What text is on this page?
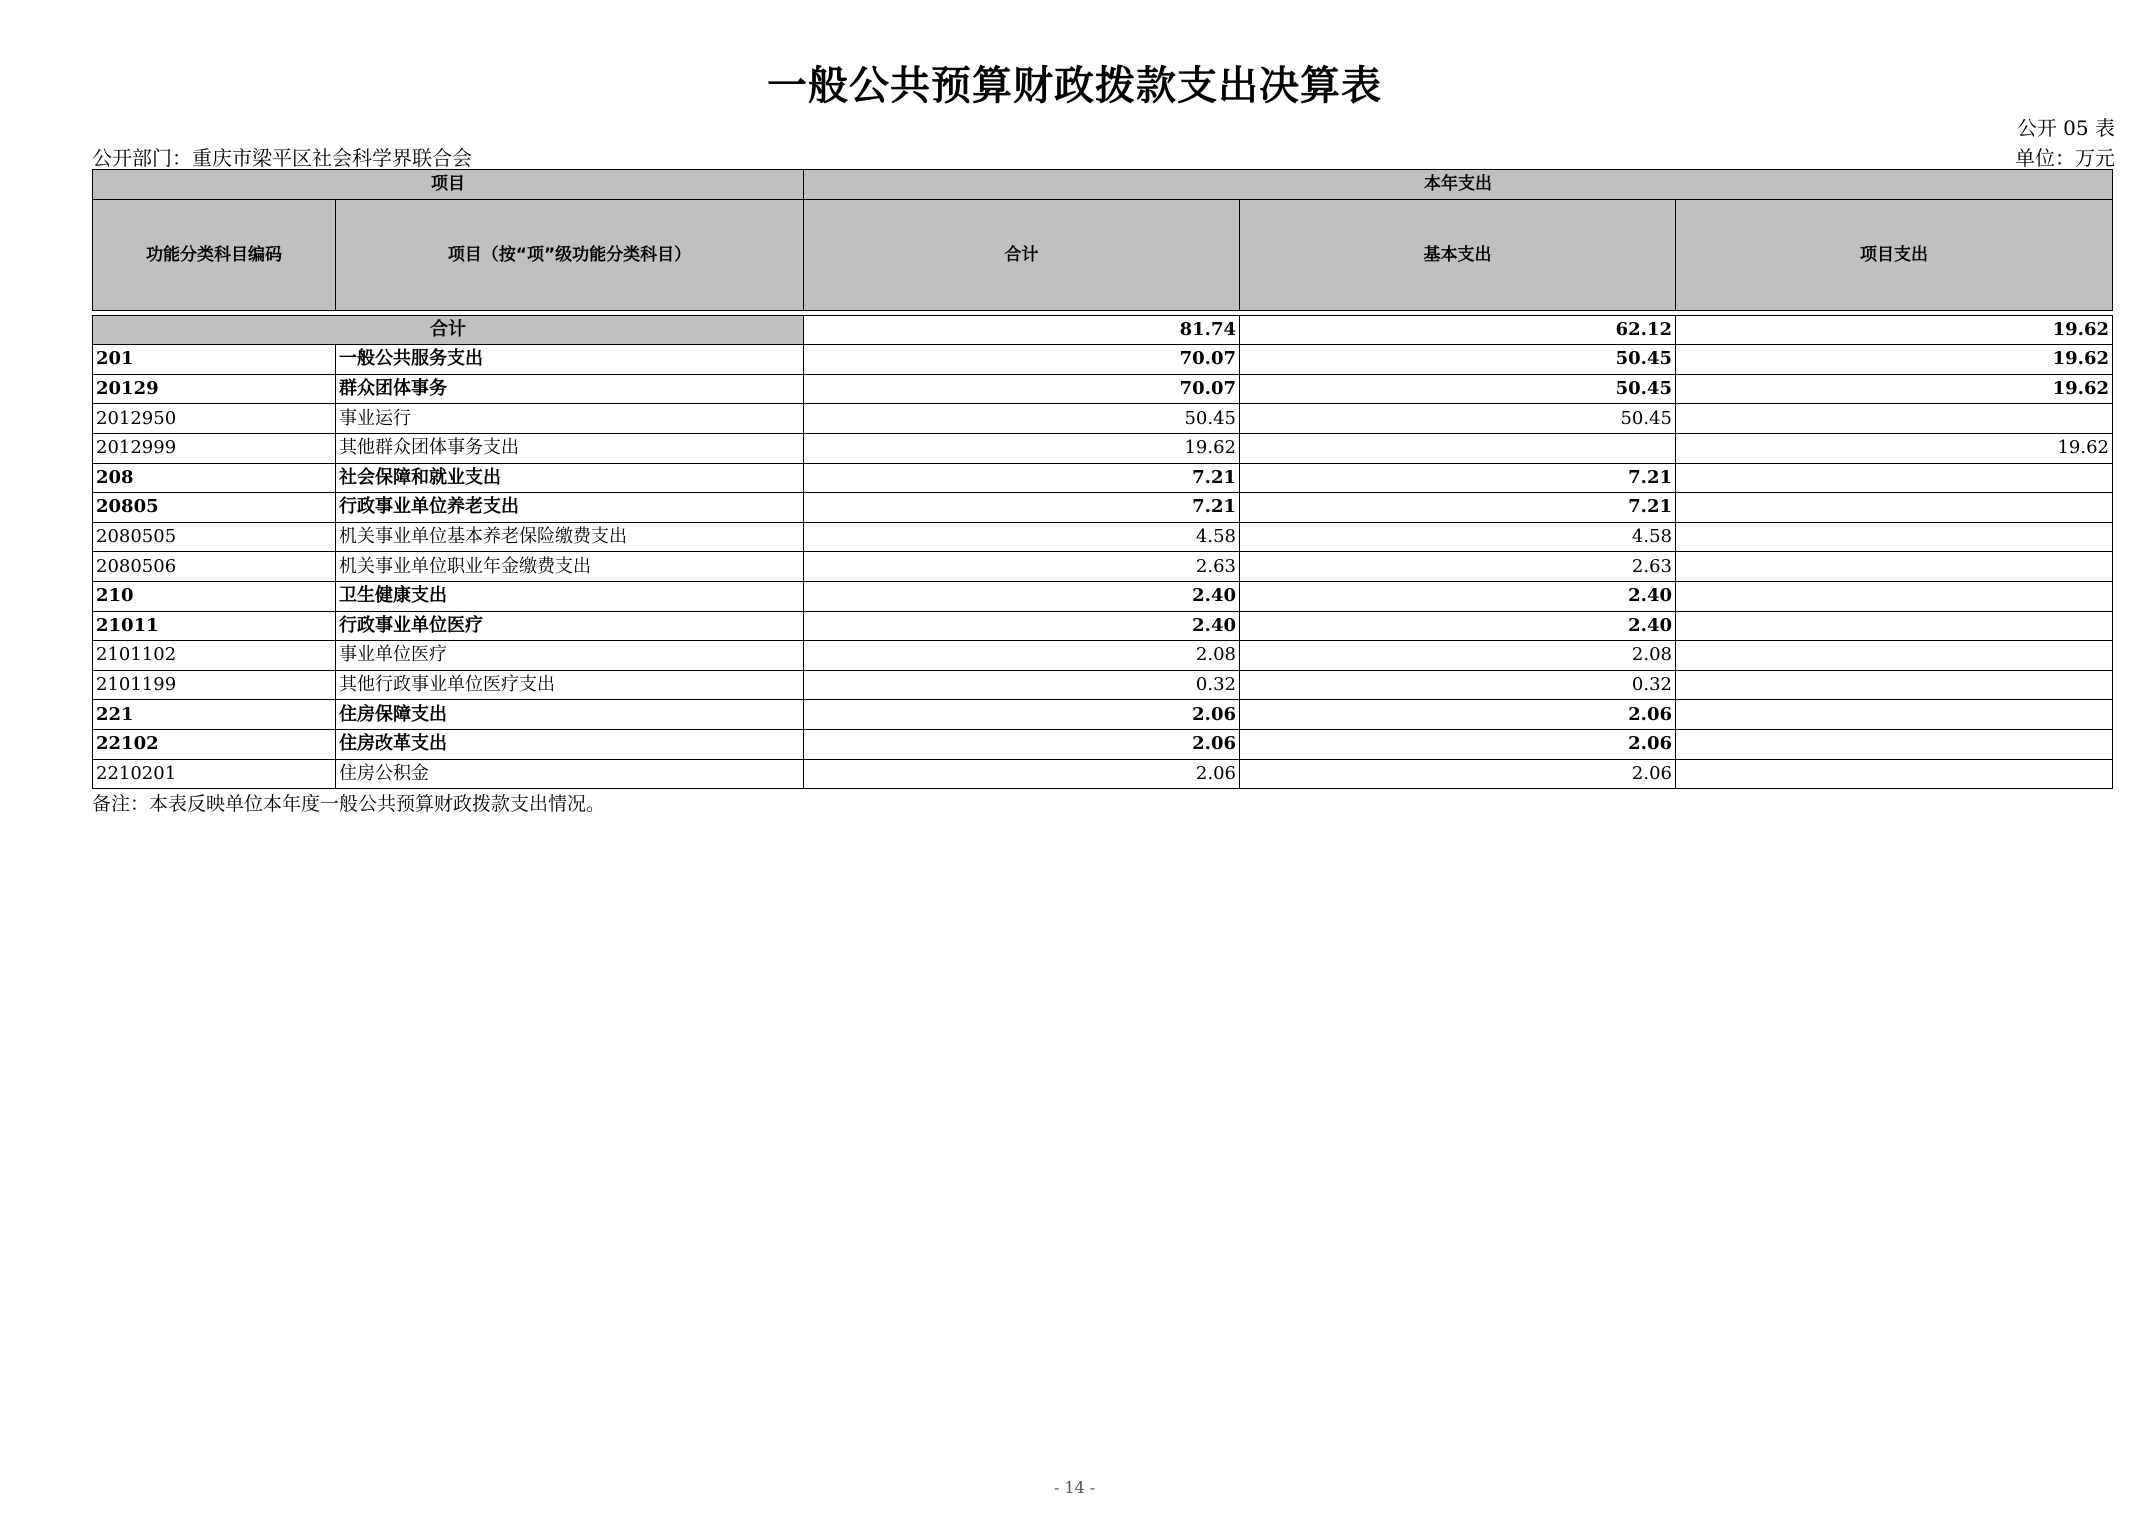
一般公共预算财政拨款支出决算表
公开 05 表
公开部门：重庆市梁平区社会科学界联合会	单位：万元
项目		本年支出		
功能分类科目编码	项目（按“项”级功能分类科目）	合计	基本支出	项目支出

合计		81.74	62.12	19.62
201	一般公共服务支出	70.07	50.45	19.62
20129	群众团体事务	70.07	50.45	19.62
2012950	事业运行	50.45	50.45	
2012999	其他群众团体事务支出	19.62		19.62
208	社会保障和就业支出	7.21	7.21	
20805	行政事业单位养老支出	7.21	7.21	
2080505	机关事业单位基本养老保险缴费支出	4.58	4.58	
2080506	机关事业单位职业年金缴费支出	2.63	2.63	
210	卫生健康支出	2.40	2.40	
21011	行政事业单位医疗	2.40	2.40	
2101102	事业单位医疗	2.08	2.08	
2101199	其他行政事业单位医疗支出	0.32	0.32	
221	住房保障支出	2.06	2.06	
22102	住房改革支出	2.06	2.06	
2210201	住房公积金	2.06	2.06	
备注：本表反映单位本年度一般公共预算财政拨款支出情况。
- 14 -
